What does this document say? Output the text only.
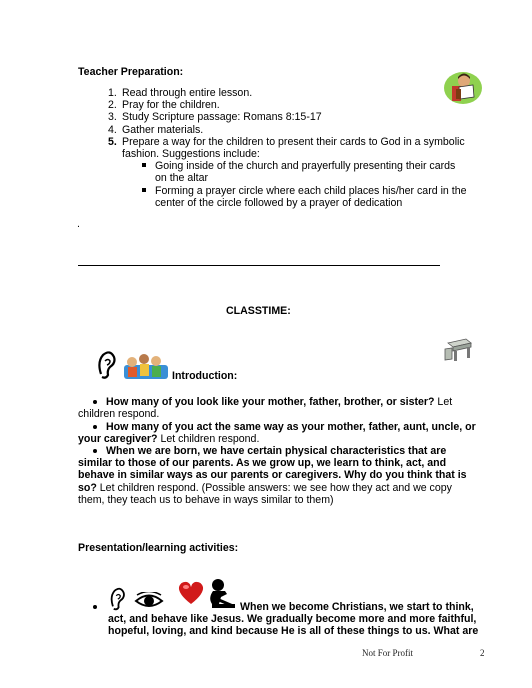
Teacher Preparation:
1. Read through entire lesson.
2. Pray for the children.
3. Study Scripture passage: Romans 8:15-17
4. Gather materials.
5. Prepare a way for the children to present their cards to God in a symbolic fashion. Suggestions include:
Going inside of the church and prayerfully presenting their cards on the altar
Forming a prayer circle where each child places his/her card in the center of the circle followed by a prayer of dedication
.
CLASSTIME:
Introduction:
How many of you look like your mother, father, brother, or sister? Let children respond.
How many of you act the same way as your mother, father, aunt, uncle, or your caregiver? Let children respond.
When we are born, we have certain physical characteristics that are similar to those of our parents. As we grow up, we learn to think, act, and behave in similar ways as our parents or caregivers. Why do you think that is so? Let children respond. (Possible answers: we see how they act and we copy them, they teach us to behave in ways similar to them)
Presentation/learning activities:
When we become Christians, we start to think,
act, and behave like Jesus. We gradually become more and more faithful,
hopeful, loving, and kind because He is all of these things to us. What are
Not For Profit	2
